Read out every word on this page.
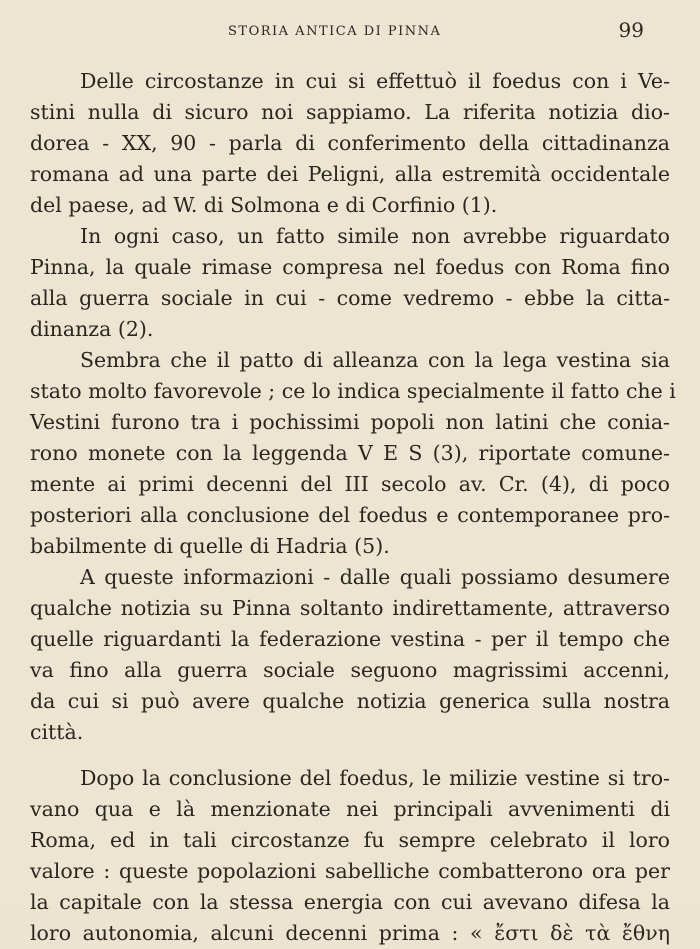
STORIA ANTICA DI PINNA	99
Delle circostanze in cui si effettuò il foedus con i Ve-
stini nulla di sicuro noi sappiamo. La riferita notizia dio-
dorea - XX, 90 - parla di conferimento della cittadinanza
romana ad una parte dei Peligni, alla estremità occidentale
del paese, ad W. di Solmona e di Corfinio (1).
In ogni caso, un fatto simile non avrebbe riguardato
Pinna, la quale rimase compresa nel foedus con Roma fino
alla guerra sociale in cui - come vedremo - ebbe la citta-
dinanza (2).
Sembra che il patto di alleanza con la lega vestina sia
stato molto favorevole ; ce lo indica specialmente il fatto che i
Vestini furono tra i pochissimi popoli non latini che conia-
rono monete con la leggenda V E S (3), riportate comune-
mente ai primi decenni del III secolo av. Cr. (4), di poco
posteriori alla conclusione del foedus e contemporanee pro-
babilmente di quelle di Hadria (5).
A queste informazioni - dalle quali possiamo desumere
qualche notizia su Pinna soltanto indirettamente, attraverso
quelle riguardanti la federazione vestina - per il tempo che
va fino alla guerra sociale seguono magrissimi accenni,
da cui si può avere qualche notizia generica sulla nostra
città.
Dopo la conclusione del foedus, le milizie vestine si tro-
vano qua e là menzionate nei principali avvenimenti di
Roma, ed in tali circostanze fu sempre celebrato il loro
valore : queste popolazioni sabelliche combatterono ora per
la capitale con la stessa energia con cui avevano difesa la
loro autonomia, alcuni decenni prima : « ἔστι δὲ τὰ ἔθνη
